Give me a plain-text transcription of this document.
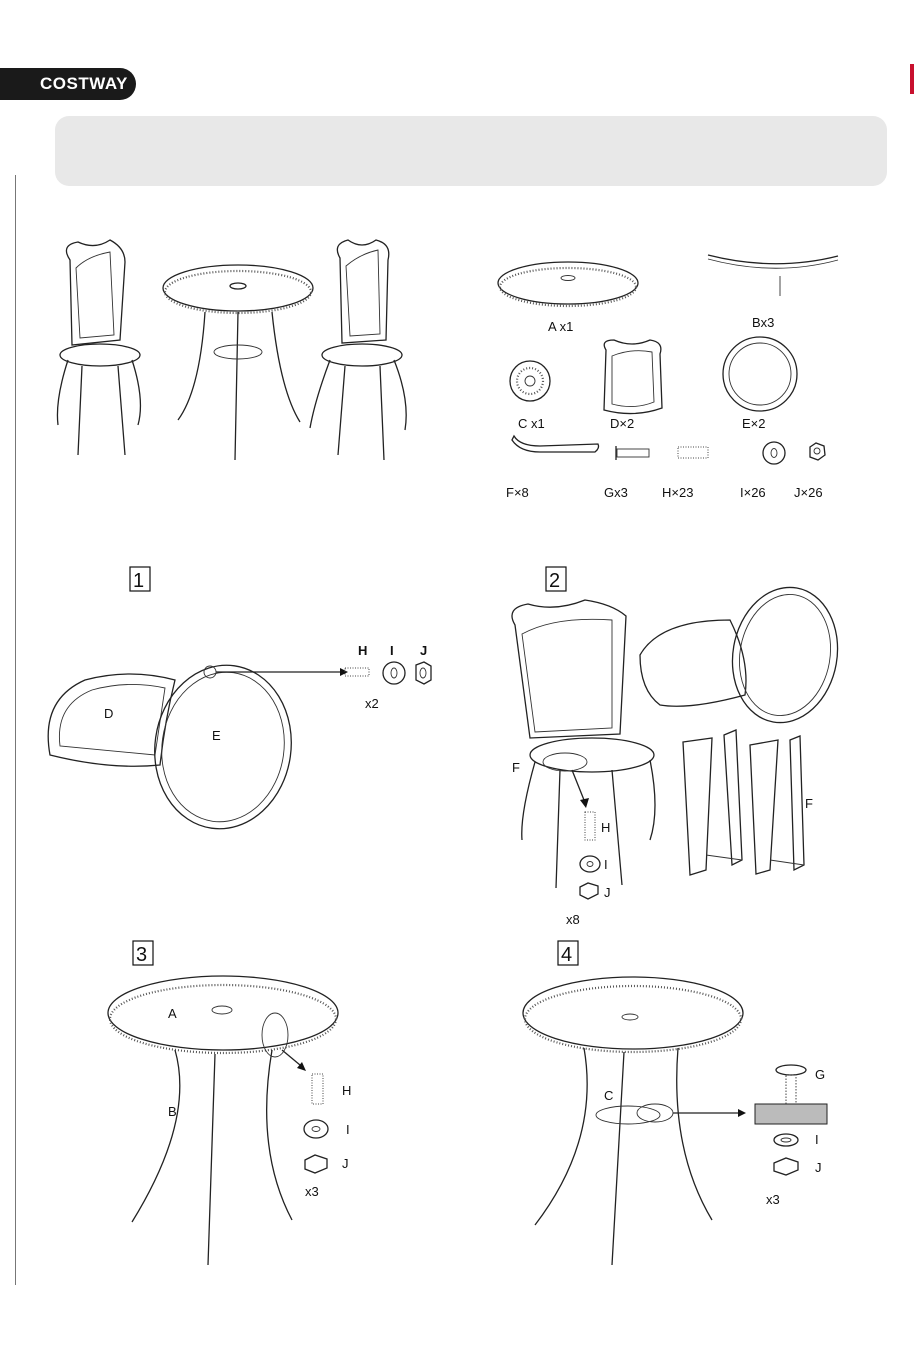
COSTWAY
A x1	Bx3
C x1	D×2	E×2
F×8	Gx3	H×23	I×26 J×26
1
D
E
H I J
x2
2
F
F
H
I
J
x8
3
A
B
H
I
J
x3
4
C
G
I
J
x3
